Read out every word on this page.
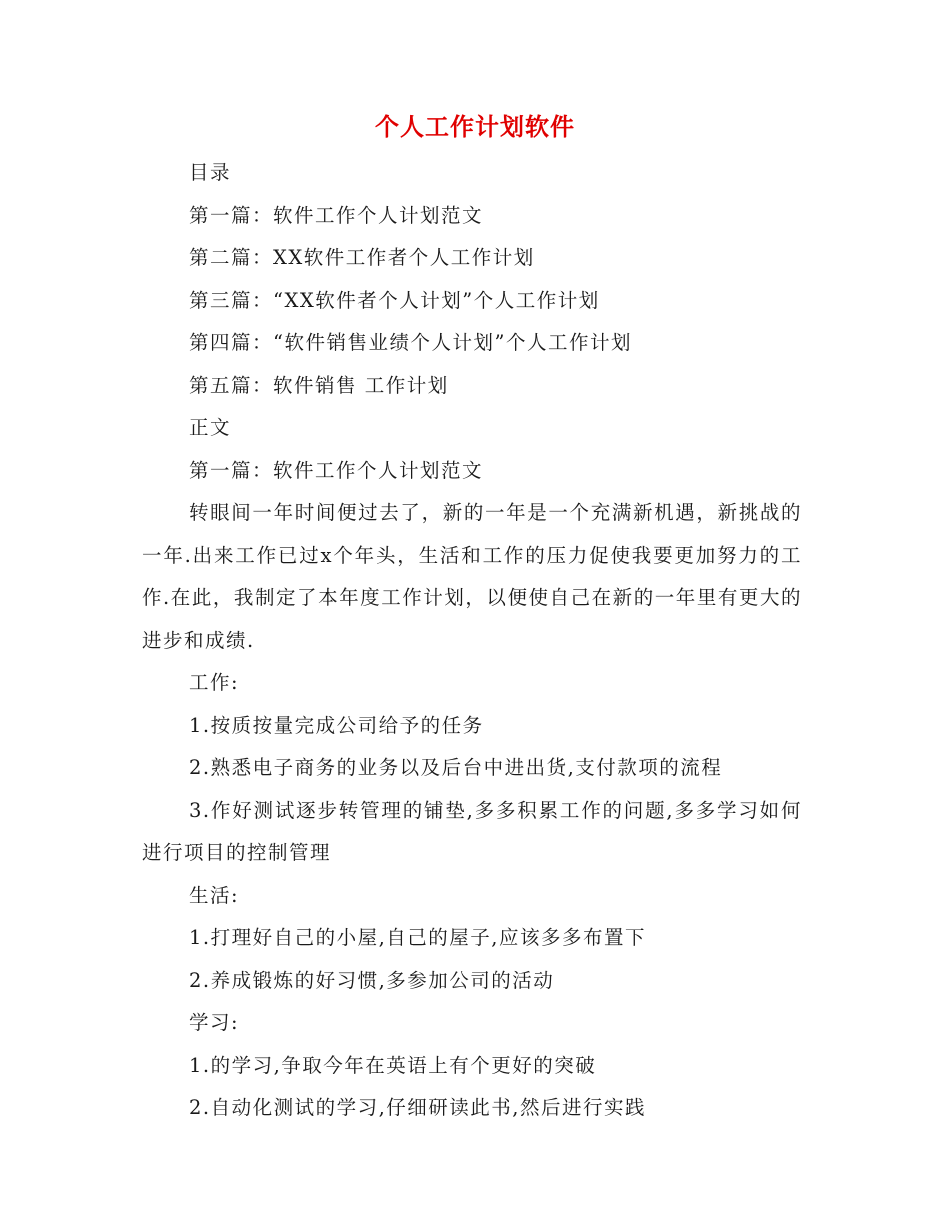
个人工作计划软件
目录
第一篇：软件工作个人计划范文
第二篇：XX软件工作者个人工作计划
第三篇：“XX软件者个人计划”个人工作计划
第四篇：“软件销售业绩个人计划”个人工作计划
第五篇：软件销售 工作计划
正文
第一篇：软件工作个人计划范文

转眼间一年时间便过去了，新的一年是一个充满新机遇，新挑战的一年.出来工作已过x个年头，生活和工作的压力促使我要更加努力的工作.在此，我制定了本年度工作计划，以便使自己在新的一年里有更大的进步和成绩.

工作:
1.按质按量完成公司给予的任务
2.熟悉电子商务的业务以及后台中进出货,支付款项的流程

3.作好测试逐步转管理的铺垫,多多积累工作的问题,多多学习如何进行项目的控制管理

生活:
1.打理好自己的小屋,自己的屋子,应该多多布置下
2.养成锻炼的好习惯,多参加公司的活动
学习:
1.的学习,争取今年在英语上有个更好的突破
2.自动化测试的学习,仔细研读此书,然后进行实践
